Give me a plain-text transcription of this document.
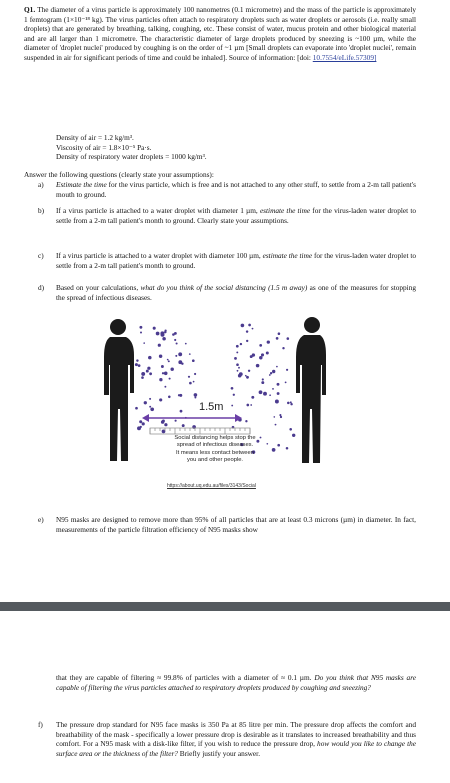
Q1. The diameter of a virus particle is approximately 100 nanometres (0.1 micrometre) and the mass of the particle is approximately 1 femtogram (1×10⁻¹⁸ kg). The virus particles often attach to respiratory droplets such as water droplets or aerosols (i.e. really small droplets) that are generated by breathing, talking, coughing, etc. These consist of water, mucus protein and other biological material and are all larger than 1 micrometre. The characteristic diameter of large droplets produced by sneezing is ~100 µm, while the diameter of 'droplet nuclei' produced by coughing is on the order of ~1 µm [Small droplets can evaporate into 'droplet nuclei', remain suspended in air for significant periods of time and could be inhaled]. Source of information: [doi: 10.7554/eLife.57309]
Density of air = 1.2 kg/m³.
Viscosity of air = 1.8×10⁻⁵ Pa·s.
Density of respiratory water droplets = 1000 kg/m³.
Answer the following questions (clearly state your assumptions):
a) Estimate the time for the virus particle, which is free and is not attached to any other stuff, to settle from a 2-m tall patient's mouth to ground.
b) If a virus particle is attached to a water droplet with diameter 1 µm, estimate the time for the virus-laden water droplet to settle from a 2-m tall patient's month to ground. Clearly state your assumptions.
c) If a virus particle is attached to a water droplet with diameter 100 µm, estimate the time for the virus-laden water droplet to settle from a 2-m tall patient's month to ground.
d) Based on your calculations, what do you think of the social distancing (1.5 m away) as one of the measures for stopping the spread of infectious diseases.
1.5m
Social distancing helps stop the
spread of infectious diseases.
It means less contact between
you and other people.
https://about.uq.edu.au/files/3143/Social
e) N95 masks are designed to remove more than 95% of all particles that are at least 0.3 microns (µm) in diameter. In fact, measurements of the particle filtration efficiency of N95 masks show
that they are capable of filtering ≈ 99.8% of particles with a diameter of ≈ 0.1 µm. Do you think that N95 masks are capable of filtering the virus particles attached to respiratory droplets produced by coughing and sneezing?
f) The pressure drop standard for N95 face masks is 350 Pa at 85 litre per min. The pressure drop affects the comfort and breathability of the mask - specifically a lower pressure drop is desirable as it translates to increased breathability and thus comfort. For a N95 mask with a disk-like filter, if you wish to reduce the pressure drop, how would you like to change the surface area or the thickness of the filter? Briefly justify your answer.
